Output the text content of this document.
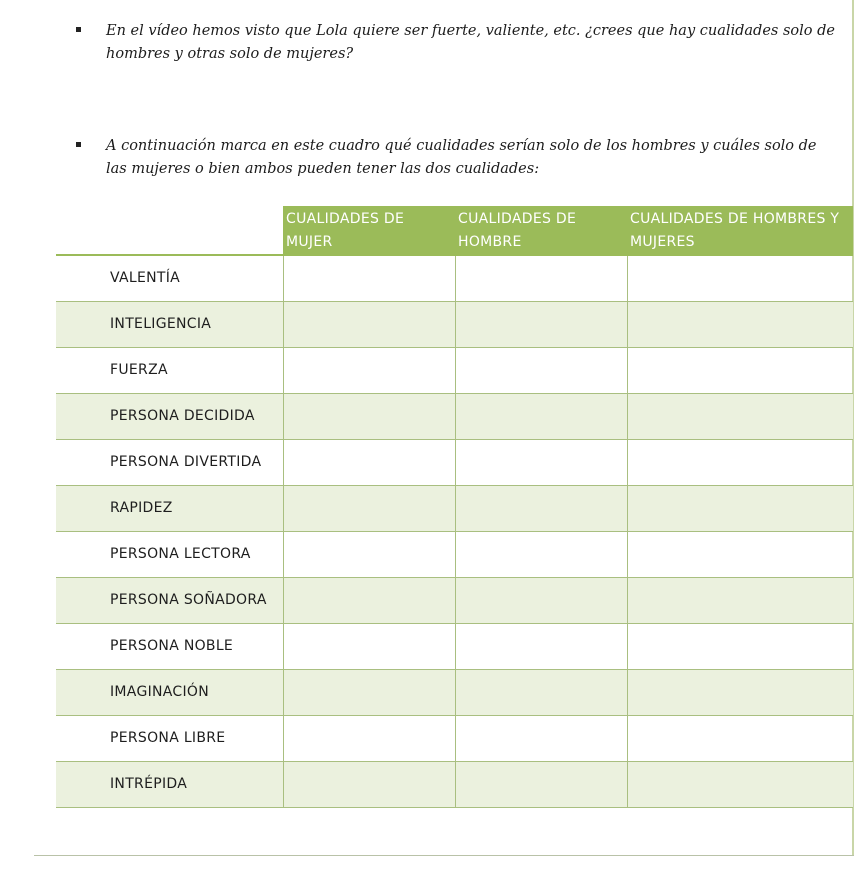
En el vídeo hemos visto que Lola quiere ser fuerte, valiente, etc. ¿crees que hay cualidades solo de hombres y otras solo de mujeres?
A continuación marca en este cuadro qué cualidades serían solo de los hombres y cuáles solo de las mujeres o bien ambos pueden tener las dos cualidades:
	CUALIDADES DE MUJER	CUALIDADES DE HOMBRE	CUALIDADES DE HOMBRES Y MUJERES
VALENTÍA			
INTELIGENCIA			
FUERZA			
PERSONA DECIDIDA			
PERSONA DIVERTIDA			
RAPIDEZ			
PERSONA LECTORA			
PERSONA SOÑADORA			
PERSONA NOBLE			
IMAGINACIÓN			
PERSONA LIBRE			
INTRÉPIDA			
